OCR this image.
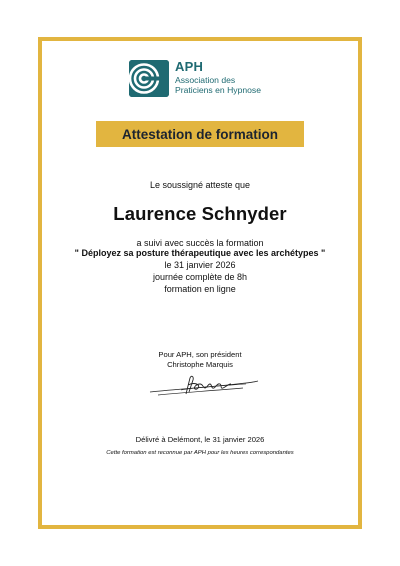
APH
Association des
Praticiens en Hypnose
Attestation de formation
Le soussigné atteste que
Laurence Schnyder
a suivi avec succès la formation
" Déployez sa posture thérapeutique avec les archétypes "
le 31 janvier 2026
journée complète de 8h
formation en ligne
Pour APH, son président
Christophe Marquis
Délivré à Delémont, le 31 janvier 2026
Cette formation est reconnue par APH pour les heures correspondantes
